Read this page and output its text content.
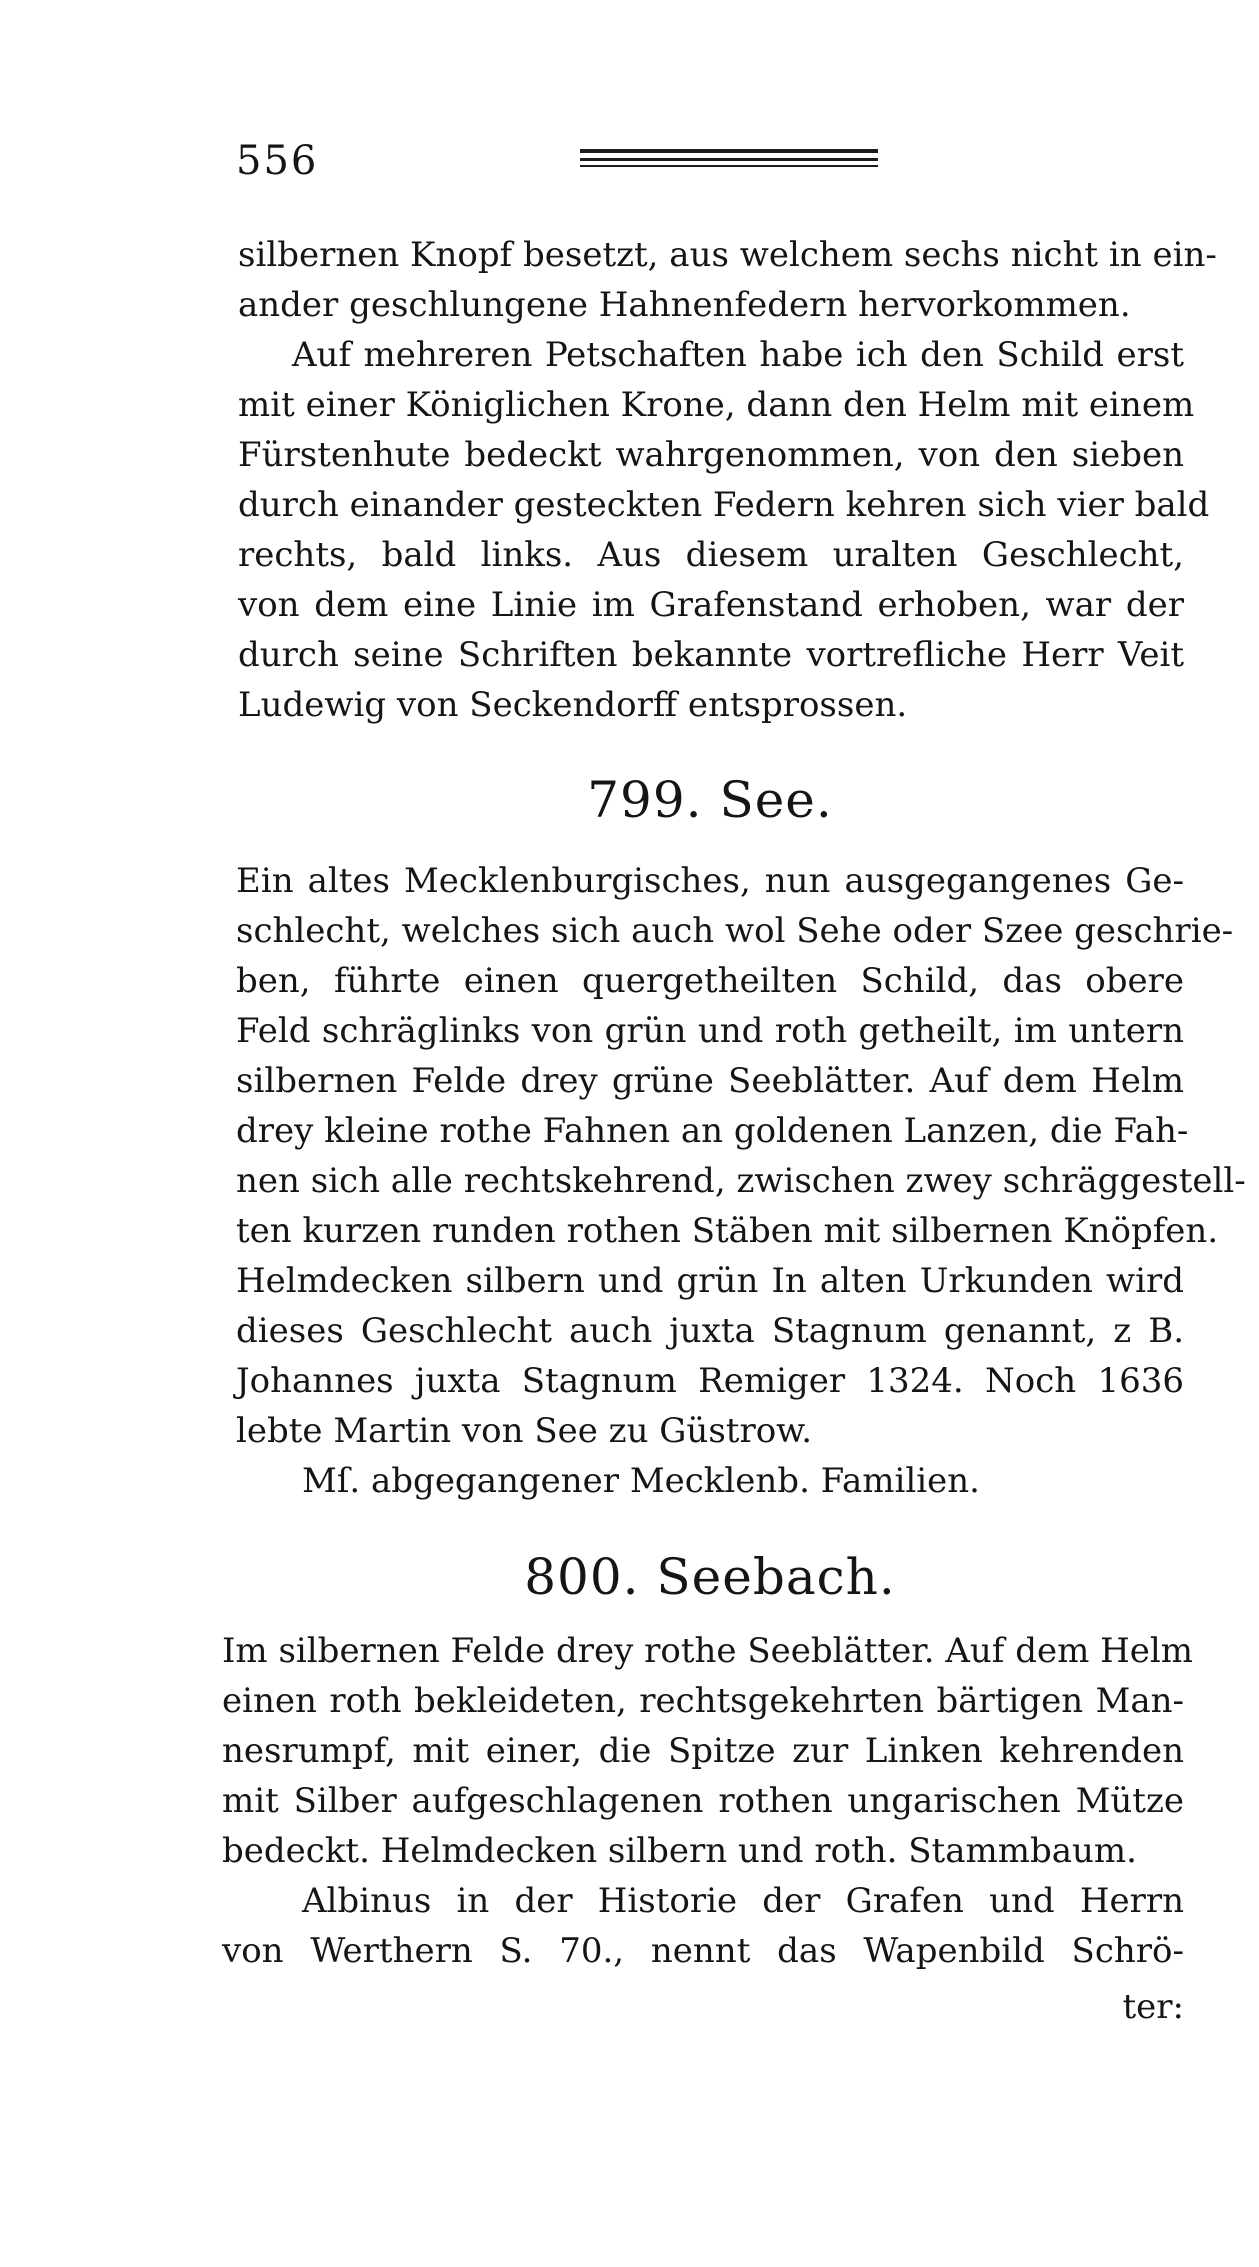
556
silbernen Knopf besetzt, aus welchem sechs nicht in ein-
ander geschlungene Hahnenfedern hervorkommen.
Auf mehreren Petschaften habe ich den Schild erst
mit einer Königlichen Krone, dann den Helm mit einem
Fürstenhute bedeckt wahrgenommen, von den sieben
durch einander gesteckten Federn kehren sich vier bald
rechts, bald links. Aus diesem uralten Geschlecht,
von dem eine Linie im Grafenstand erhoben, war der
durch seine Schriften bekannte vortrefliche Herr Veit
Ludewig von Seckendorff entsprossen.
799. See.
Ein altes Mecklenburgisches, nun ausgegangenes Ge-
schlecht, welches sich auch wol Sehe oder Szee geschrie-
ben, führte einen quergetheilten Schild, das obere
Feld schräglinks von grün und roth getheilt, im untern
silbernen Felde drey grüne Seeblätter. Auf dem Helm
drey kleine rothe Fahnen an goldenen Lanzen, die Fah-
nen sich alle rechtskehrend, zwischen zwey schräggestell-
ten kurzen runden rothen Stäben mit silbernen Knöpfen.
Helmdecken silbern und grün In alten Urkunden wird
dieses Geschlecht auch juxta Stagnum genannt, z B.
Johannes juxta Stagnum Remiger 1324. Noch 1636
lebte Martin von See zu Güstrow.
Mſ. abgegangener Mecklenb. Familien.
800. Seebach.
Im silbernen Felde drey rothe Seeblätter. Auf dem Helm
einen roth bekleideten, rechtsgekehrten bärtigen Man-
nesrumpf, mit einer, die Spitze zur Linken kehrenden
mit Silber aufgeschlagenen rothen ungarischen Mütze
bedeckt. Helmdecken silbern und roth. Stammbaum.
Albinus in der Historie der Grafen und Herrn
von Werthern S. 70., nennt das Wapenbild Schrö-
ter:
